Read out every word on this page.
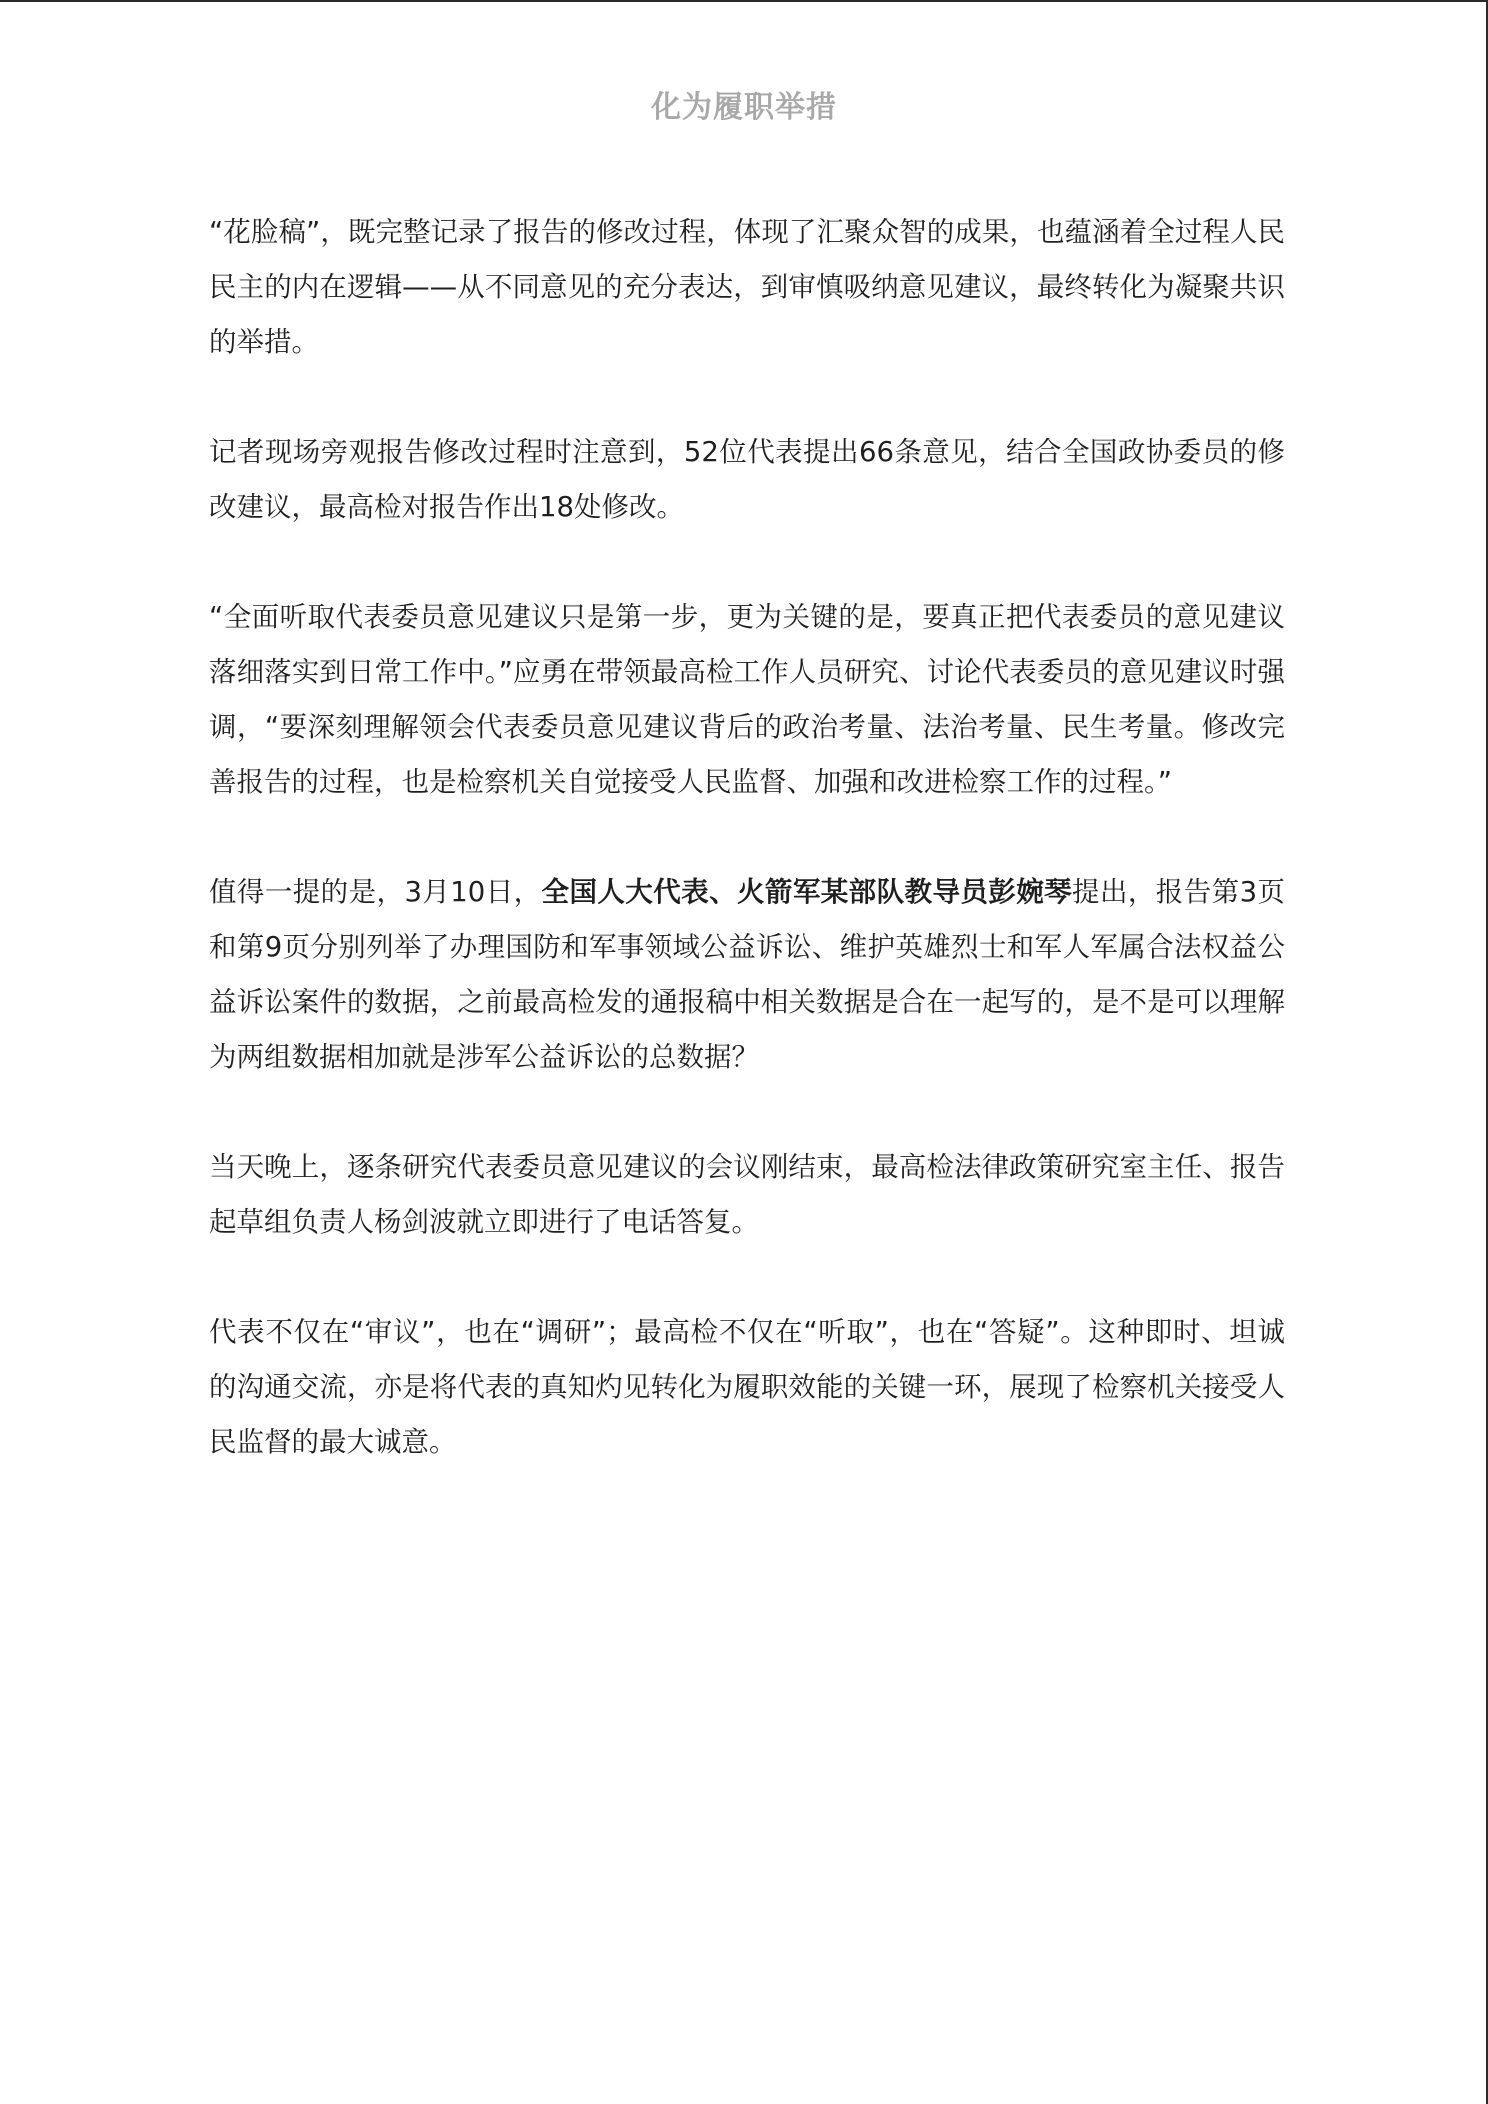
化为履职举措

“花脸稿”，既完整记录了报告的修改过程，体现了汇聚众智的成果，也蕴涵着全过程人民民主的内在逻辑——从不同意见的充分表达，到审慎吸纳意见建议，最终转化为凝聚共识的举措。

记者现场旁观报告修改过程时注意到，52位代表提出66条意见，结合全国政协委员的修改建议，最高检对报告作出18处修改。

“全面听取代表委员意见建议只是第一步，更为关键的是，要真正把代表委员的意见建议落细落实到日常工作中。”应勇在带领最高检工作人员研究、讨论代表委员的意见建议时强调，“要深刻理解领会代表委员意见建议背后的政治考量、法治考量、民生考量。修改完善报告的过程，也是检察机关自觉接受人民监督、加强和改进检察工作的过程。”

值得一提的是，3月10日，全国人大代表、火箭军某部队教导员彭婉琴提出，报告第3页和第9页分别列举了办理国防和军事领域公益诉讼、维护英雄烈士和军人军属合法权益公益诉讼案件的数据，之前最高检发的通报稿中相关数据是合在一起写的，是不是可以理解为两组数据相加就是涉军公益诉讼的总数据？

当天晚上，逐条研究代表委员意见建议的会议刚结束，最高检法律政策研究室主任、报告起草组负责人杨剑波就立即进行了电话答复。

代表不仅在“审议”，也在“调研”；最高检不仅在“听取”，也在“答疑”。这种即时、坦诚的沟通交流，亦是将代表的真知灼见转化为履职效能的关键一环，展现了检察机关接受人民监督的最大诚意。
